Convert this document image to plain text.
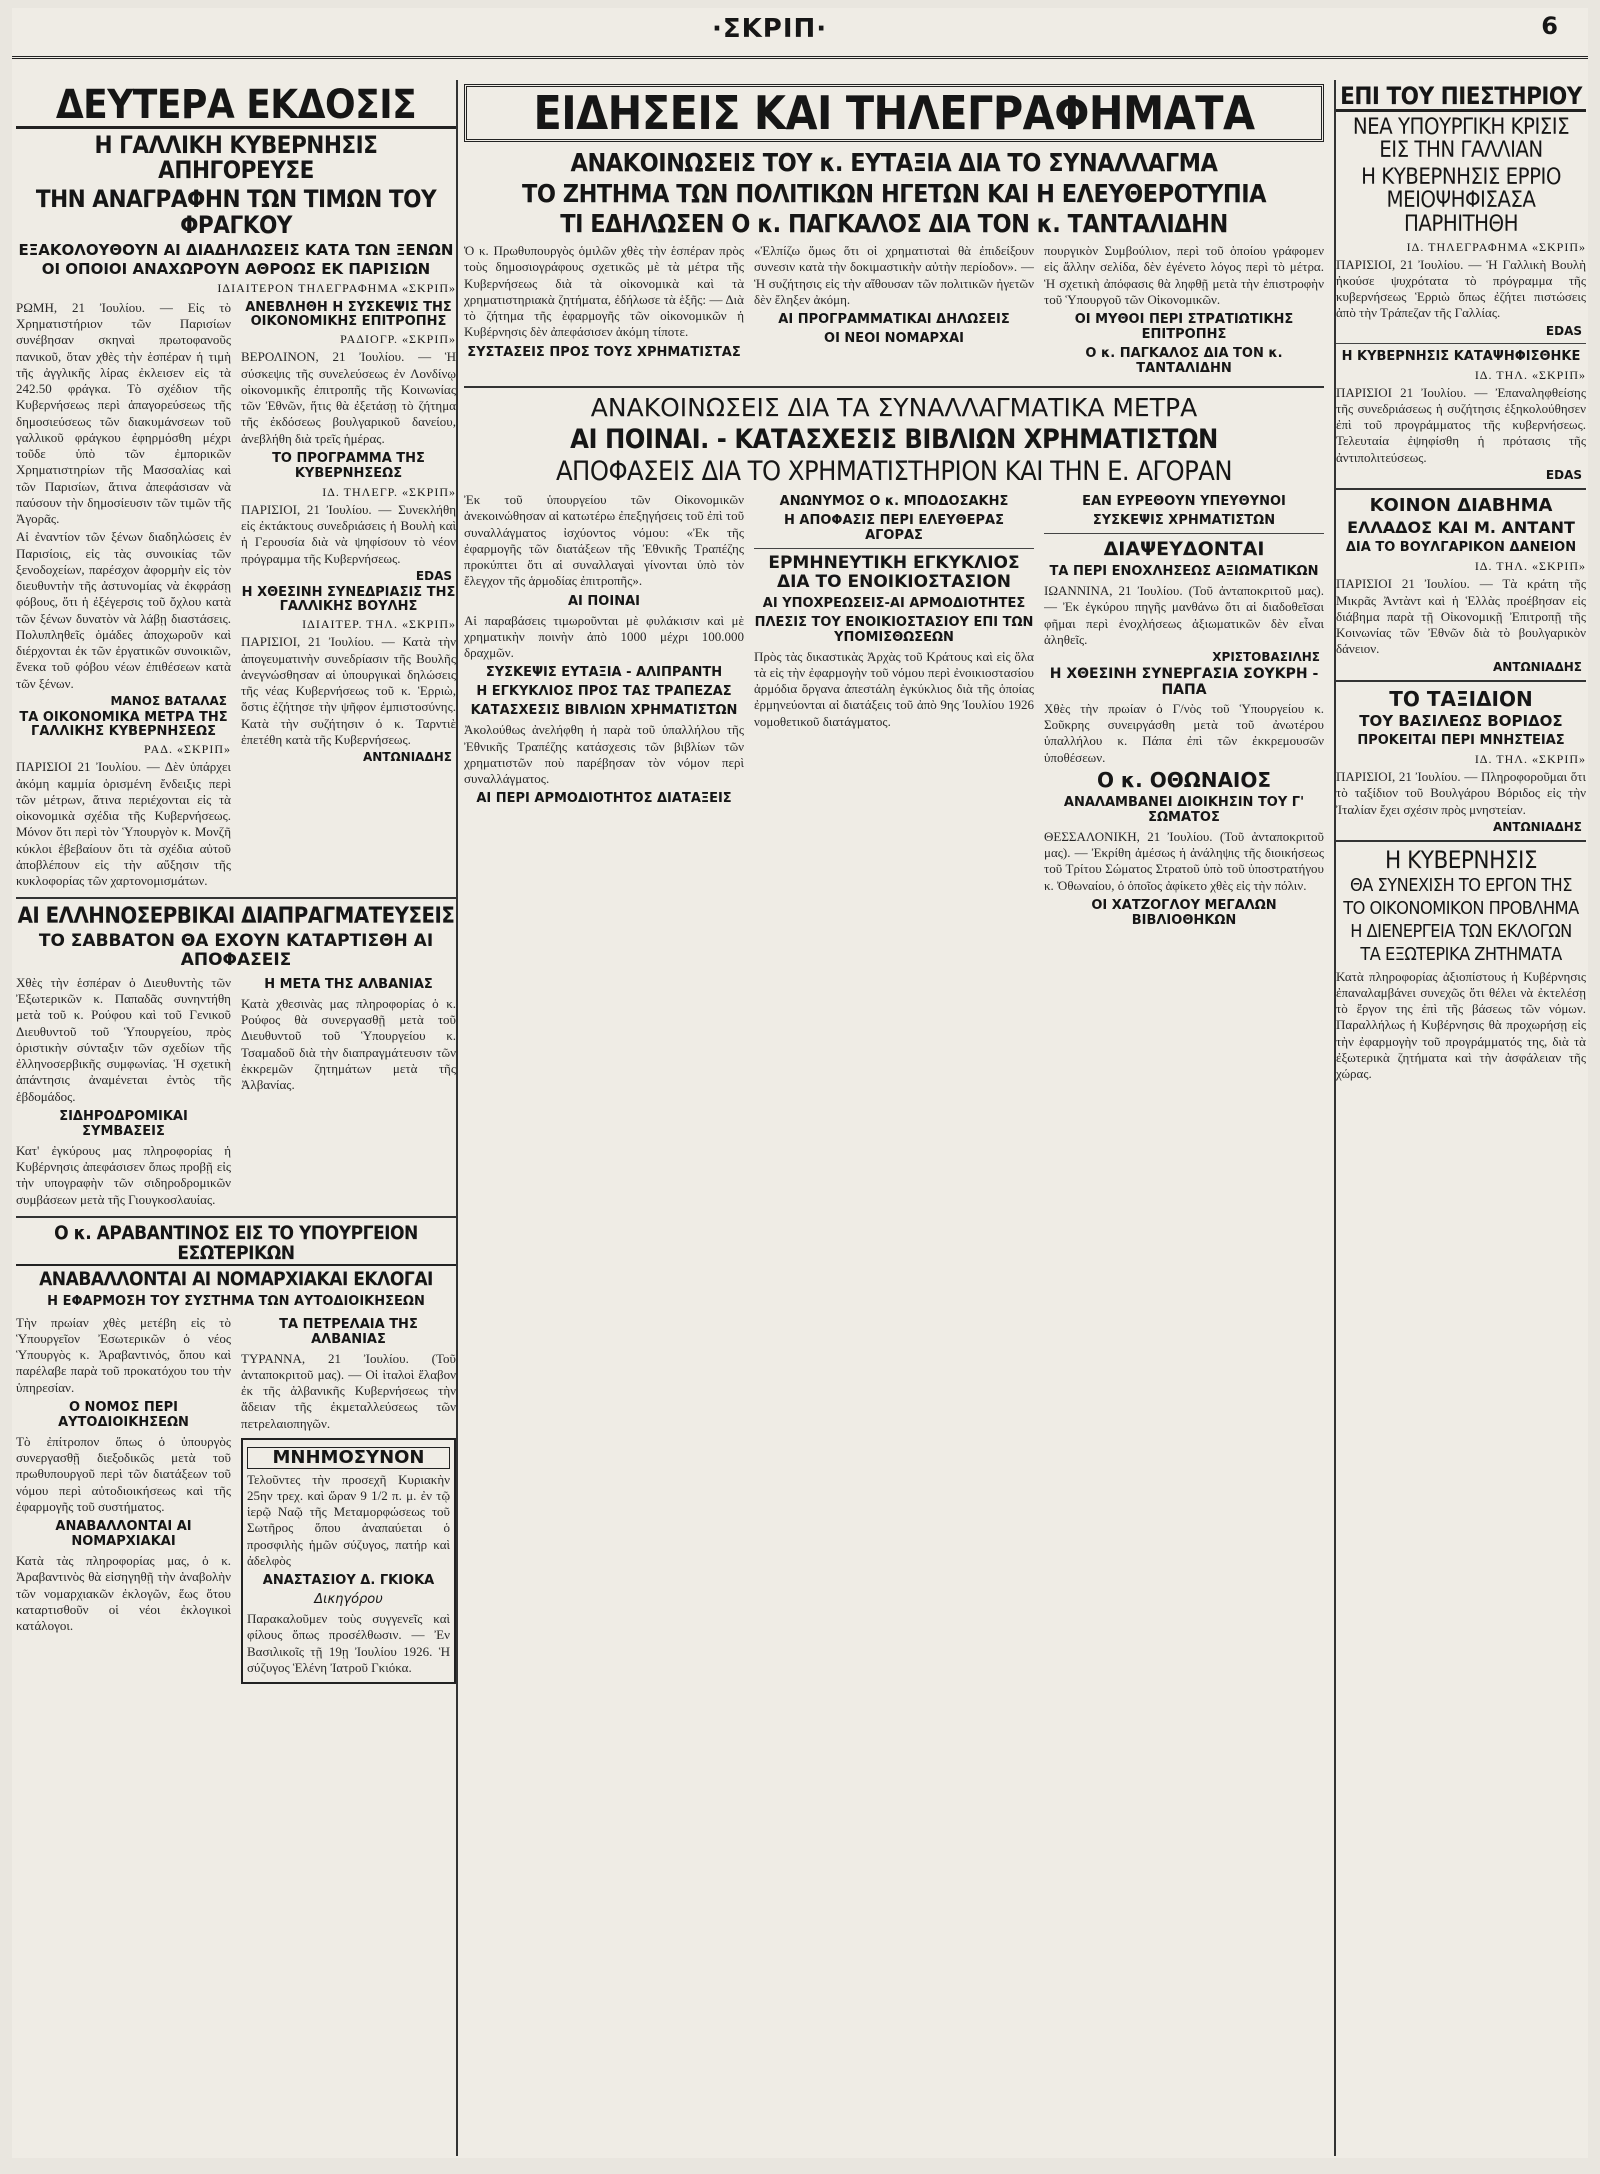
·ΣΚΡΙΠ·	6
ΔΕΥΤΕΡΑ ΕΚΔΟΣΙΣ
Η ΓΑΛΛΙΚΗ ΚΥΒΕΡΝΗΣΙΣ ΑΠΗΓΟΡΕΥΣΕ
ΤΗΝ ΑΝΑΓΡΑΦΗΝ ΤΩΝ ΤΙΜΩΝ ΤΟΥ ΦΡΑΓΚΟΥ
ΕΞΑΚΟΛΟΥΘΟΥΝ ΑΙ ΔΙΑΔΗΛΩΣΕΙΣ ΚΑΤΑ ΤΩΝ ΞΕΝΩΝ
ΟΙ ΟΠΟΙΟΙ ΑΝΑΧΩΡΟΥΝ ΑΘΡΟΩΣ ΕΚ ΠΑΡΙΣΙΩΝ
ΙΔΙΑΙΤΕΡΟΝ ΤΗΛΕΓΡΑΦΗΜΑ «ΣΚΡΙΠ»

ΡΩΜΗ, 21 Ἰουλίου. — Εἰς τὸ Χρηματιστήριον τῶν Παρισίων συνέβησαν σκηναὶ πρωτοφανοῦς πανικοῦ, ὅταν χθὲς τὴν ἑσπέραν ἡ τιμὴ τῆς ἀγγλικῆς λίρας ἐκλεισεν εἰς τὰ 242.50 φράγκα. Τὸ σχέδιον τῆς Κυβερνήσεως περὶ ἀπαγορεύσεως τῆς δημοσιεύσεως τῶν διακυμάνσεων τοῦ γαλλικοῦ φράγκου ἐφηρμόσθη μέχρι τοῦδε ὑπὸ τῶν ἐμπορικῶν Χρηματιστηρίων τῆς Μασσαλίας καὶ τῶν Παρισίων, ἅτινα ἀπεφάσισαν νὰ παύσουν τὴν δημοσίευσιν τῶν τιμῶν τῆς Ἀγορᾶς.

Αἱ ἐναντίον τῶν ξένων διαδηλώσεις ἐν Παρισίοις, εἰς τὰς συνοικίας τῶν ξενοδοχείων, παρέσχον ἀφορμὴν εἰς τὸν διευθυντὴν τῆς ἀστυνομίας νὰ ἐκφράσῃ φόβους, ὅτι ἡ ἐξέγερσις τοῦ ὄχλου κατὰ τῶν ξένων δυνατὸν νὰ λάβῃ διαστάσεις. Πολυπληθεῖς ὁμάδες ἀποχωροῦν καὶ διέρχονται ἐκ τῶν ἐργατικῶν συνοικιῶν, ἕνεκα τοῦ φόβου νέων ἐπιθέσεων κατὰ τῶν ξένων.

ΜΑΝΟΣ ΒΑΤΑΛΑΣ
ΤΑ ΟΙΚΟΝΟΜΙΚΑ ΜΕΤΡΑ ΤΗΣ ΓΑΛΛΙΚΗΣ ΚΥΒΕΡΝΗΣΕΩΣ
ΡΑΔ. «ΣΚΡΙΠ»

ΠΑΡΙΣΙΟΙ 21 Ἰουλίου. — Δὲν ὑπάρχει ἀκόμη καμμία ὁρισμένη ἔνδειξις περὶ τῶν μέτρων, ἅτινα περιέχονται εἰς τὰ οἰκονομικὰ σχέδια τῆς Κυβερνήσεως. Μόνον ὅτι περὶ τὸν Ὑπουργὸν κ. Μονζῆ κύκλοι ἐβεβαίουν ὅτι τὰ σχέδια αὐτοῦ ἀποβλέπουν εἰς τὴν αὔξησιν τῆς κυκλοφορίας τῶν χαρτονομισμάτων.

ΑΝΕΒΛΗΘΗ Η ΣΥΣΚΕΨΙΣ ΤΗΣ ΟΙΚΟΝΟΜΙΚΗΣ ΕΠΙΤΡΟΠΗΣ
ΡΑΔΙΟΓΡ. «ΣΚΡΙΠ»

ΒΕΡΟΛΙΝΟΝ, 21 Ἰουλίου. — Ἡ σύσκεψις τῆς συνελεύσεως ἐν Λονδίνῳ οἰκονομικῆς ἐπιτροπῆς τῆς Κοινωνίας τῶν Ἐθνῶν, ἥτις θὰ ἐξετάσῃ τὸ ζήτημα τῆς ἐκδόσεως βουλγαρικοῦ δανείου, ἀνεβλήθη διὰ τρεῖς ἡμέρας.

ΤΟ ΠΡΟΓΡΑΜΜΑ ΤΗΣ ΚΥΒΕΡΝΗΣΕΩΣ
ΙΔ. ΤΗΛΕΓΡ. «ΣΚΡΙΠ»

ΠΑΡΙΣΙΟΙ, 21 Ἰουλίου. — Συνεκλήθη εἰς ἐκτάκτους συνεδριάσεις ἡ Βουλὴ καὶ ἡ Γερουσία διὰ νὰ ψηφίσουν τὸ νέον πρόγραμμα τῆς Κυβερνήσεως.

EDAS
Η ΧΘΕΣΙΝΗ ΣΥΝΕΔΡΙΑΣΙΣ ΤΗΣ ΓΑΛΛΙΚΗΣ ΒΟΥΛΗΣ
ΙΔΙΑΙΤΕΡ. ΤΗΛ. «ΣΚΡΙΠ»

ΠΑΡΙΣΙΟΙ, 21 Ἰουλίου. — Κατὰ τὴν ἀπογευματινὴν συνεδρίασιν τῆς Βουλῆς ἀνεγνώσθησαν αἱ ὑπουργικαὶ δηλώσεις τῆς νέας Κυβερνήσεως τοῦ κ. Ἑρριὼ, ὅστις ἐζήτησε τὴν ψῆφον ἐμπιστοσύνης. Κατὰ τὴν συζήτησιν ὁ κ. Ταρντιὲ ἐπετέθη κατὰ τῆς Κυβερνήσεως.

ΑΝΤΩΝΙΑΔΗΣ
ΑΙ ΕΛΛΗΝΟΣΕΡΒΙΚΑΙ ΔΙΑΠΡΑΓΜΑΤΕΥΣΕΙΣ
ΤΟ ΣΑΒΒΑΤΟΝ ΘΑ ΕΧΟΥΝ ΚΑΤΑΡΤΙΣΘΗ ΑΙ ΑΠΟΦΑΣΕΙΣ

Χθὲς τὴν ἑσπέραν ὁ Διευθυντὴς τῶν Ἐξωτερικῶν κ. Παπαδᾶς συνηντήθη μετὰ τοῦ κ. Ρούφου καὶ τοῦ Γενικοῦ Διευθυντοῦ τοῦ Ὑπουργείου, πρὸς ὁριστικὴν σύνταξιν τῶν σχεδίων τῆς ἐλληνοσερβικῆς συμφωνίας. Ἡ σχετικὴ ἀπάντησις ἀναμένεται ἐντὸς τῆς ἑβδομάδος.

ΣΙΔΗΡΟΔΡΟΜΙΚΑΙ ΣΥΜΒΑΣΕΙΣ

Κατ' ἐγκύρους μας πληροφορίας ἡ Κυβέρνησις ἀπεφάσισεν ὅπως προβῇ εἰς τὴν υπογραφὴν τῶν σιδηροδρομικῶν συμβάσεων μετὰ τῆς Γιουγκοσλαυίας.

Η ΜΕΤΑ ΤΗΣ ΑΛΒΑΝΙΑΣ

Κατὰ χθεσινὰς μας πληροφορίας ὁ κ. Ρούφος θὰ συνεργασθῇ μετὰ τοῦ Διευθυντοῦ τοῦ Ὑπουργείου κ. Τσαμαδοῦ διὰ τὴν διαπραγμάτευσιν τῶν ἐκκρεμῶν ζητημάτων μετὰ τῆς Ἀλβανίας.

Ο κ. ΑΡΑΒΑΝΤΙΝΟΣ ΕΙΣ ΤΟ ΥΠΟΥΡΓΕΙΟΝ ΕΣΩΤΕΡΙΚΩΝ
ΑΝΑΒΑΛΛΟΝΤΑΙ ΑΙ ΝΟΜΑΡΧΙΑΚΑΙ ΕΚΛΟΓΑΙ
Η ΕΦΑΡΜΟΣΗ ΤΟΥ ΣΥΣΤΗΜΑ ΤΩΝ ΑΥΤΟΔΙΟΙΚΗΣΕΩΝ

Τὴν πρωίαν χθὲς μετέβη εἰς τὸ Ὑπουργεῖον Ἐσωτερικῶν ὁ νέος Ὑπουργὸς κ. Ἀραβαντινός, ὅπου καὶ παρέλαβε παρὰ τοῦ προκατόχου του τὴν ὑπηρεσίαν.

Ο ΝΟΜΟΣ ΠΕΡΙ ΑΥΤΟΔΙΟΙΚΗΣΕΩΝ

Τὸ ἐπίτροπον ὅπως ὁ ὑπουργὸς συνεργασθῇ διεξοδικῶς μετὰ τοῦ πρωθυπουργοῦ περὶ τῶν διατάξεων τοῦ νόμου περὶ αὐτοδιοικήσεως καὶ τῆς ἐφαρμογῆς τοῦ συστήματος.

ΑΝΑΒΑΛΛΟΝΤΑΙ ΑΙ ΝΟΜΑΡΧΙΑΚΑΙ

Κατὰ τὰς πληροφορίας μας, ὁ κ. Ἀραβαντινὸς θὰ εἰσηγηθῇ τὴν ἀναβολὴν τῶν νομαρχιακῶν ἐκλογῶν, ἕως ὅτου καταρτισθοῦν οἱ νέοι ἐκλογικοὶ κατάλογοι.

ΤΑ ΠΕΤΡΕΛΑΙΑ ΤΗΣ ΑΛΒΑΝΙΑΣ

ΤΥΡΑΝΝΑ, 21 Ἰουλίου. (Τοῦ ἀνταποκριτοῦ μας). — Οἱ ἰταλοὶ ἔλαβον ἐκ τῆς ἀλβανικῆς Κυβερνήσεως τὴν ἄδειαν τῆς ἐκμεταλλεύσεως τῶν πετρελαιοπηγῶν.

ΜΝΗΜΟΣΥΝΟΝ

Τελοῦντες τὴν προσεχῆ Κυριακὴν 25ην τρεχ. καὶ ὥραν 9 1/2 π. μ. ἐν τῷ ἱερῷ Ναῷ τῆς Μεταμορφώσεως τοῦ Σωτῆρος ὅπου ἀναπαύεται ὁ προσφιλὴς ἡμῶν σύζυγος, πατήρ καὶ ἀδελφὸς

ΑΝΑΣΤΑΣΙΟΥ Δ. ΓΚΙΟΚΑ
Δικηγόρου

Παρακαλοῦμεν τοὺς συγγενεῖς καὶ φίλους ὅπως προσέλθωσιν. — Ἐν Βασιλικοῖς τῇ 19ῃ Ἰουλίου 1926. Ἡ σύζυγος Ἑλένη Ἰατροῦ Γκιόκα.

ΕΙΔΗΣΕΙΣ ΚΑΙ ΤΗΛΕΓΡΑΦΗΜΑΤΑ
ΑΝΑΚΟΙΝΩΣΕΙΣ ΤΟΥ κ. ΕΥΤΑΞΙΑ ΔΙΑ ΤΟ ΣΥΝΑΛΛΑΓΜΑ
ΤΟ ΖΗΤΗΜΑ ΤΩΝ ΠΟΛΙΤΙΚΩΝ ΗΓΕΤΩΝ ΚΑΙ Η ΕΛΕΥΘΕΡΟΤΥΠΙΑ
ΤΙ ΕΔΗΛΩΣΕΝ Ο κ. ΠΑΓΚΑΛΟΣ ΔΙΑ ΤΟΝ κ. ΤΑΝΤΑΛΙΔΗΝ

Ὁ κ. Πρωθυπουργὸς ὁμιλῶν χθὲς τὴν ἑσπέραν πρὸς τοὺς δημοσιογράφους σχετικῶς μὲ τὰ μέτρα τῆς Κυβερνήσεως διὰ τὰ οἰκονομικὰ καὶ τὰ χρηματιστηριακὰ ζητήματα, ἐδήλωσε τὰ ἑξῆς: — Διὰ τὸ ζήτημα τῆς ἐφαρμογῆς τῶν οἰκονομικῶν ἡ Κυβέρνησις δὲν ἀπεφάσισεν ἀκόμη τίποτε.

ΣΥΣΤΑΣΕΙΣ ΠΡΟΣ ΤΟΥΣ ΧΡΗΜΑΤΙΣΤΑΣ

«Ἐλπίζω ὅμως ὅτι οἱ χρηματισταὶ θὰ ἐπιδείξουν συνεσιν κατὰ τὴν δοκιμαστικὴν αὐτὴν περίοδον». — Ἡ συζήτησις εἰς τὴν αἴθουσαν τῶν πολιτικῶν ἠγετῶν δὲν ἔληξεν ἀκόμη.

ΑΙ ΠΡΟΓΡΑΜΜΑΤΙΚΑΙ ΔΗΛΩΣΕΙΣ
ΟΙ ΝΕΟΙ ΝΟΜΑΡΧΑΙ

πουργικὸν Συμβούλιον, περὶ τοῦ ὁποίου γράφομεν εἰς ἄλλην σελίδα, δὲν ἐγένετο λόγος περὶ τὸ μέτρα. Ἡ σχετικὴ ἀπόφασις θὰ ληφθῇ μετὰ τὴν ἐπιστροφὴν τοῦ Ὑπουργοῦ τῶν Οἰκονομικῶν.

ΟΙ ΜΥΘΟΙ ΠΕΡΙ ΣΤΡΑΤΙΩΤΙΚΗΣ ΕΠΙΤΡΟΠΗΣ
Ο κ. ΠΑΓΚΑΛΟΣ ΔΙΑ ΤΟΝ κ. ΤΑΝΤΑΛΙΔΗΝ
ΑΝΑΚΟΙΝΩΣΕΙΣ ΔΙΑ ΤΑ ΣΥΝΑΛΛΑΓΜΑΤΙΚΑ ΜΕΤΡΑ
ΑΙ ΠΟΙΝΑΙ. - ΚΑΤΑΣΧΕΣΙΣ ΒΙΒΛΙΩΝ ΧΡΗΜΑΤΙΣΤΩΝ
ΑΠΟΦΑΣΕΙΣ ΔΙΑ ΤΟ ΧΡΗΜΑΤΙΣΤΗΡΙΟΝ ΚΑΙ ΤΗΝ Ε. ΑΓΟΡΑΝ

Ἐκ τοῦ ὑπουργείου τῶν Οἰκονομικῶν ἀνεκοινώθησαν αἱ κατωτέρω ἐπεξηγήσεις τοῦ ἐπὶ τοῦ συναλλάγματος ἰσχύοντος νόμου: «Ἐκ τῆς ἐφαρμογῆς τῶν διατάξεων τῆς Ἐθνικῆς Τραπέζης προκύπτει ὅτι αἱ συναλλαγαὶ γίνονται ὑπὸ τὸν ἔλεγχον τῆς ἁρμοδίας ἐπιτροπῆς».

ΑΙ ΠΟΙΝΑΙ

Αἱ παραβάσεις τιμωροῦνται μὲ φυλάκισιν καὶ μὲ χρηματικὴν ποινὴν ἀπὸ 1000 μέχρι 100.000 δραχμῶν.

ΣΥΣΚΕΨΙΣ ΕΥΤΑΞΙΑ - ΑΛΙΠΡΑΝΤΗ
Η ΕΓΚΥΚΛΙΟΣ ΠΡΟΣ ΤΑΣ ΤΡΑΠΕΖΑΣ
ΚΑΤΑΣΧΕΣΙΣ ΒΙΒΛΙΩΝ ΧΡΗΜΑΤΙΣΤΩΝ

Ἀκολούθως ἀνελήφθη ἡ παρὰ τοῦ ὑπαλλήλου τῆς Ἐθνικῆς Τραπέζης κατάσχεσις τῶν βιβλίων τῶν χρηματιστῶν ποὺ παρέβησαν τὸν νόμον περὶ συναλλάγματος.

ΑΙ ΠΕΡΙ ΑΡΜΟΔΙΟΤΗΤΟΣ ΔΙΑΤΑΞΕΙΣ
ΑΝΩΝΥΜΟΣ Ο κ. ΜΠΟΔΟΣΑΚΗΣ
Η ΑΠΟΦΑΣΙΣ ΠΕΡΙ ΕΛΕΥΘΕΡΑΣ ΑΓΟΡΑΣ
ΕΡΜΗΝΕΥΤΙΚΗ ΕΓΚΥΚΛΙΟΣ ΔΙΑ ΤΟ ΕΝΟΙΚΙΟΣΤΑΣΙΟΝ
ΑΙ ΥΠΟΧΡΕΩΣΕΙΣ-ΑΙ ΑΡΜΟΔΙΟΤΗΤΕΣ
ΠΛΕΣΙΣ ΤΟΥ ΕΝΟΙΚΙΟΣΤΑΣΙΟΥ ΕΠΙ ΤΩΝ ΥΠΟΜΙΣΘΩΣΕΩΝ

Πρὸς τὰς δικαστικὰς Ἀρχὰς τοῦ Κράτους καὶ εἰς ὅλα τὰ εἰς τὴν ἐφαρμογὴν τοῦ νόμου περὶ ἐνοικιοστασίου ἀρμόδια ὄργανα ἀπεστάλη ἐγκύκλιος διὰ τῆς ὁποίας ἐρμηνεύονται αἱ διατάξεις τοῦ ἀπὸ 9ης Ἰουλίου 1926 νομοθετικοῦ διατάγματος.

ΕΑΝ ΕΥΡΕΘΟΥΝ ΥΠΕΥΘΥΝΟΙ
ΣΥΣΚΕΨΙΣ ΧΡΗΜΑΤΙΣΤΩΝ
ΔΙΑΨΕΥΔΟΝΤΑΙ
ΤΑ ΠΕΡΙ ΕΝΟΧΛΗΣΕΩΣ ΑΞΙΩΜΑΤΙΚΩΝ

ΙΩΑΝΝΙΝΑ, 21 Ἰουλίου. (Τοῦ ἀνταποκριτοῦ μας). — Ἐκ ἐγκύρου πηγῆς μανθάνω ὅτι αἱ διαδοθεῖσαι φῆμαι περὶ ἐνοχλήσεως ἀξιωματικῶν δὲν εἶναι ἀληθεῖς.

ΧΡΙΣΤΟΒΑΣΙΛΗΣ
Η ΧΘΕΣΙΝΗ ΣΥΝΕΡΓΑΣΙΑ ΣΟΥΚΡΗ - ΠΑΠΑ

Χθὲς τὴν πρωίαν ὁ Γ/νὸς τοῦ Ὑπουργείου κ. Σοῦκρης συνειργάσθη μετὰ τοῦ ἀνωτέρου ὑπαλλήλου κ. Πάπα ἐπὶ τῶν ἐκκρεμουσῶν ὑποθέσεων.

Ο κ. ΟΘΩΝΑΙΟΣ
ΑΝΑΛΑΜΒΑΝΕΙ ΔΙΟΙΚΗΣΙΝ ΤΟΥ Γ' ΣΩΜΑΤΟΣ

ΘΕΣΣΑΛΟΝΙΚΗ, 21 Ἰουλίου. (Τοῦ ἀνταποκριτοῦ μας). — Ἐκρίθη ἀμέσως ἡ ἀνάληψις τῆς διοικήσεως τοῦ Τρίτου Σώματος Στρατοῦ ὑπὸ τοῦ ὑποστρατήγου κ. Ὀθωναίου, ὁ ὁποῖος ἀφίκετο χθὲς εἰς τὴν πόλιν.

ΟΙ ΧΑΤΖΟΓΛΟΥ ΜΕΓΑΛΩΝ ΒΙΒΛΙΟΘΗΚΩΝ
ΕΠΙ ΤΟΥ ΠΙΕΣΤΗΡΙΟΥ
ΝΕΑ ΥΠΟΥΡΓΙΚΗ ΚΡΙΣΙΣ ΕΙΣ ΤΗΝ ΓΑΛΛΙΑΝ
Η ΚΥΒΕΡΝΗΣΙΣ ΕΡΡΙΟ ΜΕΙΟΨΗΦΙΣΑΣΑ ΠΑΡΗΙΤΗΘΗ
ΙΔ. ΤΗΛΕΓΡΑΦΗΜΑ «ΣΚΡΙΠ»

ΠΑΡΙΣΙΟΙ, 21 Ἰουλίου. — Ἡ Γαλλικὴ Βουλὴ ἠκούσε ψυχρότατα τὸ πρόγραμμα τῆς κυβερνήσεως Ἑρριὼ ὅπως ἐζήτει πιστώσεις ἀπὸ τὴν Τράπεζαν τῆς Γαλλίας.

EDAS
Η ΚΥΒΕΡΝΗΣΙΣ ΚΑΤΑΨΗΦΙΣΘΗΚΕ
ΙΔ. ΤΗΛ. «ΣΚΡΙΠ»

ΠΑΡΙΣΙΟΙ 21 Ἰουλίου. — Ἐπαναληφθείσης τῆς συνεδριάσεως ἡ συζήτησις ἐξηκολούθησεν ἐπὶ τοῦ προγράμματος τῆς κυβερνήσεως. Τελευταία ἐψηφίσθη ἡ πρότασις τῆς ἀντιπολιτεύσεως.

EDAS
ΚΟΙΝΟΝ ΔΙΑΒΗΜΑ
ΕΛΛΑΔΟΣ ΚΑΙ Μ. ΑΝΤΑΝΤ
ΔΙΑ ΤΟ ΒΟΥΛΓΑΡΙΚΟΝ ΔΑΝΕΙΟΝ
ΙΔ. ΤΗΛ. «ΣΚΡΙΠ»

ΠΑΡΙΣΙΟΙ 21 Ἰουλίου. — Τὰ κράτη τῆς Μικρᾶς Ἀντὰντ καὶ ἡ Ἑλλὰς προέβησαν εἰς διάβημα παρὰ τῇ Οἰκονομικῇ Ἐπιτροπῇ τῆς Κοινωνίας τῶν Ἐθνῶν διὰ τὸ βουλγαρικὸν δάνειον.

ΑΝΤΩΝΙΑΔΗΣ
ΤΟ ΤΑΞΙΔΙΟΝ
ΤΟΥ ΒΑΣΙΛΕΩΣ ΒΟΡΙΔΟΣ
ΠΡΟΚΕΙΤΑΙ ΠΕΡΙ ΜΝΗΣΤΕΙΑΣ
ΙΔ. ΤΗΛ. «ΣΚΡΙΠ»

ΠΑΡΙΣΙΟΙ, 21 Ἰουλίου. — Πληροφοροῦμαι ὅτι τὸ ταξίδιον τοῦ Βουλγάρου Βόριδος εἰς τὴν Ἰταλίαν ἔχει σχέσιν πρὸς μνηστείαν.

ΑΝΤΩΝΙΑΔΗΣ
Η ΚΥΒΕΡΝΗΣΙΣ
ΘΑ ΣΥΝΕΧΙΣΗ ΤΟ ΕΡΓΟΝ ΤΗΣ
ΤΟ ΟΙΚΟΝΟΜΙΚΟΝ ΠΡΟΒΛΗΜΑ
Η ΔΙΕΝΕΡΓΕΙΑ ΤΩΝ ΕΚΛΟΓΩΝ
ΤΑ ΕΞΩΤΕΡΙΚΑ ΖΗΤΗΜΑΤΑ

Κατὰ πληροφορίας ἀξιοπίστους ἡ Κυβέρνησις ἐπαναλαμβάνει συνεχῶς ὅτι θέλει νὰ ἐκτελέσῃ τὸ ἔργον της ἐπὶ τῆς βάσεως τῶν νόμων. Παραλλήλως ἡ Κυβέρνησις θὰ προχωρήσῃ εἰς τὴν ἐφαρμογὴν τοῦ προγράμματός της, διὰ τὰ ἐξωτερικὰ ζητήματα καὶ τὴν ἀσφάλειαν τῆς χώρας.
